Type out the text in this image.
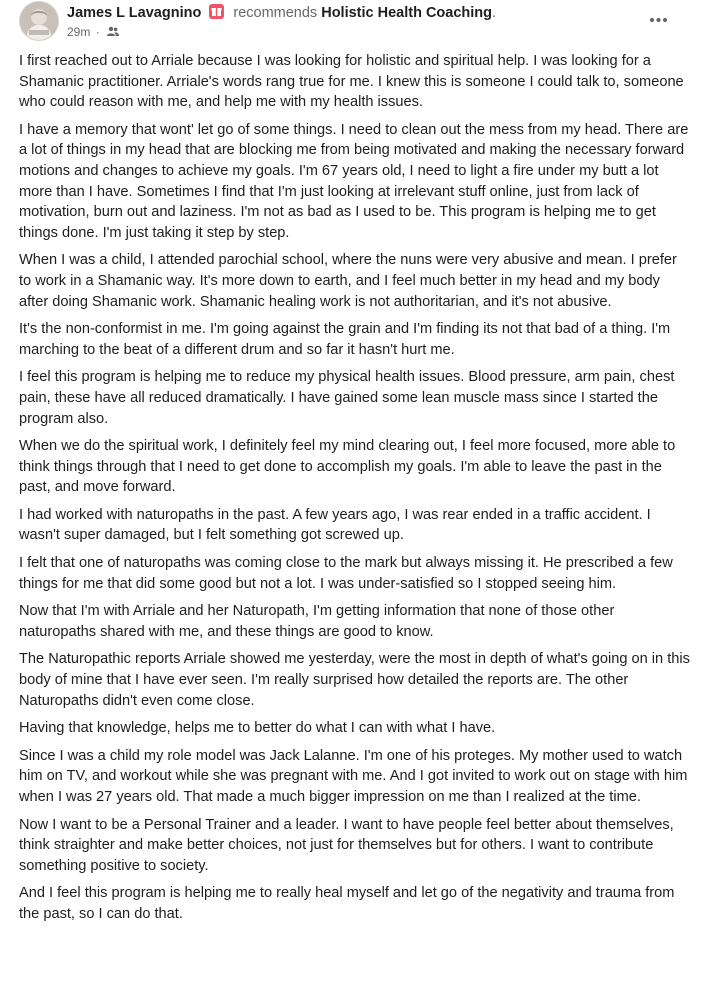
James L Lavagnino recommends Holistic Health Coaching.
29m ·

I first reached out to Arriale because I was looking for holistic and spiritual help. I was looking for a Shamanic practitioner. Arriale's words rang true for me. I knew this is someone I could talk to, someone who could reason with me, and help me with my health issues.

I have a memory that wont' let go of some things. I need to clean out the mess from my head. There are a lot of things in my head that are blocking me from being motivated and making the necessary forward motions and changes to achieve my goals. I'm 67 years old, I need to light a fire under my butt a lot more than I have. Sometimes I find that I'm just looking at irrelevant stuff online, just from lack of motivation, burn out and laziness. I'm not as bad as I used to be. This program is helping me to get things done. I'm just taking it step by step.

When I was a child, I attended parochial school, where the nuns were very abusive and mean. I prefer to work in a Shamanic way. It's more down to earth, and I feel much better in my head and my body after doing Shamanic work. Shamanic healing work is not authoritarian, and it's not abusive.

It's the non-conformist in me. I'm going against the grain and I'm finding its not that bad of a thing. I'm marching to the beat of a different drum and so far it hasn't hurt me.

I feel this program is helping me to reduce my physical health issues. Blood pressure, arm pain, chest pain, these have all reduced dramatically. I have gained some lean muscle mass since I started the program also.

When we do the spiritual work, I definitely feel my mind clearing out, I feel more focused, more able to think things through that I need to get done to accomplish my goals. I'm able to leave the past in the past, and move forward.

I had worked with naturopaths in the past. A few years ago, I was rear ended in a traffic accident. I wasn't super damaged, but I felt something got screwed up.

I felt that one of naturopaths was coming close to the mark but always missing it. He prescribed a few things for me that did some good but not a lot. I was under-satisfied so I stopped seeing him.

Now that I'm with Arriale and her Naturopath, I'm getting information that none of those other naturopaths shared with me, and these things are good to know.

The Naturopathic reports Arriale showed me yesterday, were the most in depth of what's going on in this body of mine that I have ever seen. I'm really surprised how detailed the reports are. The other Naturopaths didn't even come close.

Having that knowledge, helps me to better do what I can with what I have.

Since I was a child my role model was Jack Lalanne. I'm one of his proteges. My mother used to watch him on TV, and workout while she was pregnant with me. And I got invited to work out on stage with him when I was 27 years old. That made a much bigger impression on me than I realized at the time.

Now I want to be a Personal Trainer and a leader. I want to have people feel better about themselves, think straighter and make better choices, not just for themselves but for others. I want to contribute something positive to society.

And I feel this program is helping me to really heal myself and let go of the negativity and trauma from the past, so I can do that.
